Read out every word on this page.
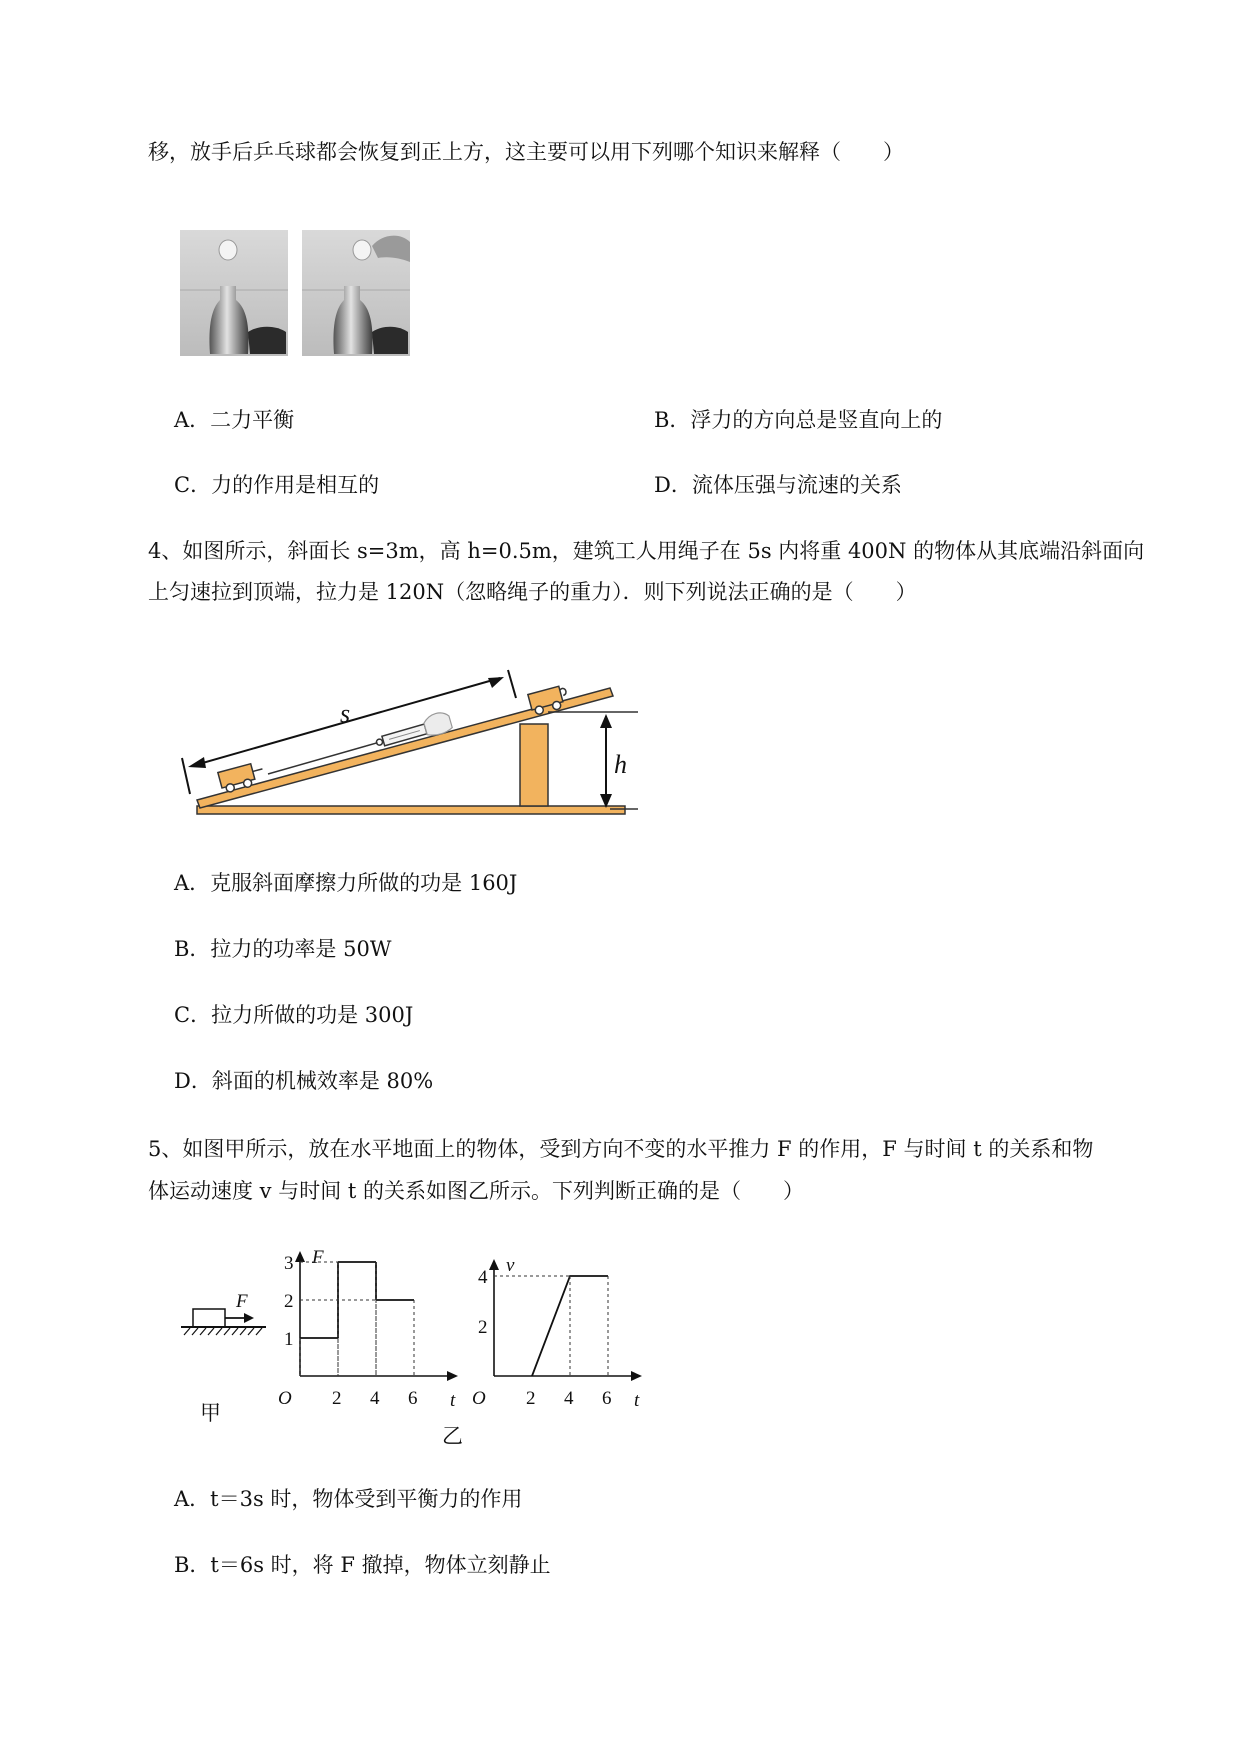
移，放手后乒乓球都会恢复到正上方，这主要可以用下列哪个知识来解释（　　）
A．二力平衡	B．浮力的方向总是竖直向上的
C．力的作用是相互的	D．流体压强与流速的关系
4、如图所示，斜面长 s=3m，高 h=0.5m，建筑工人用绳子在 5s 内将重 400N 的物体从其底端沿斜面向
上匀速拉到顶端，拉力是 120N（忽略绳子的重力）．则下列说法正确的是（　　）
h
s
A．克服斜面摩擦力所做的功是 160J
B．拉力的功率是 50W
C．拉力所做的功是 300J
D．斜面的机械效率是 80%
5、如图甲所示，放在水平地面上的物体，受到方向不变的水平推力 F 的作用，F 与时间 t 的关系和物
体运动速度 v 与时间 t 的关系如图乙所示。下列判断正确的是（　　）
F
甲
F
t
O 2 4 6
1
2
3	v
t
O 2 4 6
2
4
乙
A．t＝3s 时，物体受到平衡力的作用
B．t＝6s 时，将 F 撤掉，物体立刻静止
